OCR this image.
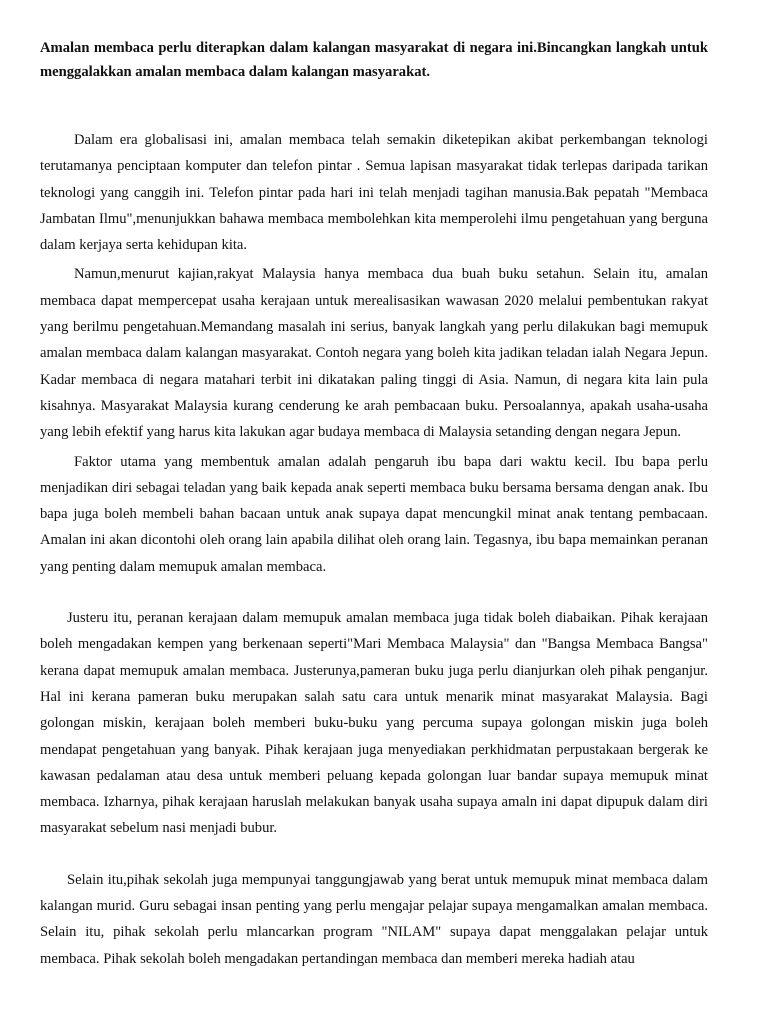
Amalan membaca perlu diterapkan dalam kalangan masyarakat di negara ini.Bincangkan langkah untuk menggalakkan amalan membaca dalam kalangan masyarakat.

Dalam era globalisasi ini, amalan membaca telah semakin diketepikan akibat perkembangan teknologi terutamanya penciptaan komputer dan telefon pintar . Semua lapisan masyarakat tidak terlepas daripada tarikan teknologi yang canggih ini. Telefon pintar pada hari ini telah menjadi tagihan manusia.Bak pepatah "Membaca Jambatan Ilmu",menunjukkan bahawa membaca membolehkan kita memperolehi ilmu pengetahuan yang berguna dalam kerjaya serta kehidupan kita.

Namun,menurut kajian,rakyat Malaysia hanya membaca dua buah buku setahun. Selain itu, amalan membaca dapat mempercepat usaha kerajaan untuk merealisasikan wawasan 2020 melalui pembentukan rakyat yang berilmu pengetahuan.Memandang masalah ini serius, banyak langkah yang perlu dilakukan bagi memupuk amalan membaca dalam kalangan masyarakat. Contoh negara yang boleh kita jadikan teladan ialah Negara Jepun. Kadar membaca di negara matahari terbit ini dikatakan paling tinggi di Asia. Namun, di negara kita lain pula kisahnya. Masyarakat Malaysia kurang cenderung ke arah pembacaan buku. Persoalannya, apakah usaha-usaha yang lebih efektif yang harus kita lakukan agar budaya membaca di Malaysia setanding dengan negara Jepun.

Faktor utama yang membentuk amalan adalah pengaruh ibu bapa dari waktu kecil. Ibu bapa perlu menjadikan diri sebagai teladan yang baik kepada anak seperti membaca buku bersama bersama dengan anak. Ibu bapa juga boleh membeli bahan bacaan untuk anak supaya dapat mencungkil minat anak tentang pembacaan. Amalan ini akan dicontohi oleh orang lain apabila dilihat oleh orang lain. Tegasnya, ibu bapa memainkan peranan yang penting dalam memupuk amalan membaca.

Justeru itu, peranan kerajaan dalam memupuk amalan membaca juga tidak boleh diabaikan. Pihak kerajaan boleh mengadakan kempen yang berkenaan seperti"Mari Membaca Malaysia" dan "Bangsa Membaca Bangsa" kerana dapat memupuk amalan membaca. Justerunya,pameran buku juga perlu dianjurkan oleh pihak penganjur. Hal ini kerana pameran buku merupakan salah satu cara untuk menarik minat masyarakat Malaysia. Bagi golongan miskin, kerajaan boleh memberi buku-buku yang percuma supaya golongan miskin juga boleh mendapat pengetahuan yang banyak. Pihak kerajaan juga menyediakan perkhidmatan perpustakaan bergerak ke kawasan pedalaman atau desa untuk memberi peluang kepada golongan luar bandar supaya memupuk minat membaca. Izharnya, pihak kerajaan haruslah melakukan banyak usaha supaya amaln ini dapat dipupuk dalam diri masyarakat sebelum nasi menjadi bubur.

Selain itu,pihak sekolah juga mempunyai tanggungjawab yang berat untuk memupuk minat membaca dalam kalangan murid. Guru sebagai insan penting yang perlu mengajar pelajar supaya mengamalkan amalan membaca. Selain itu, pihak sekolah perlu mlancarkan program "NILAM" supaya dapat menggalakan pelajar untuk membaca. Pihak sekolah boleh mengadakan pertandingan membaca dan memberi mereka hadiah atau
